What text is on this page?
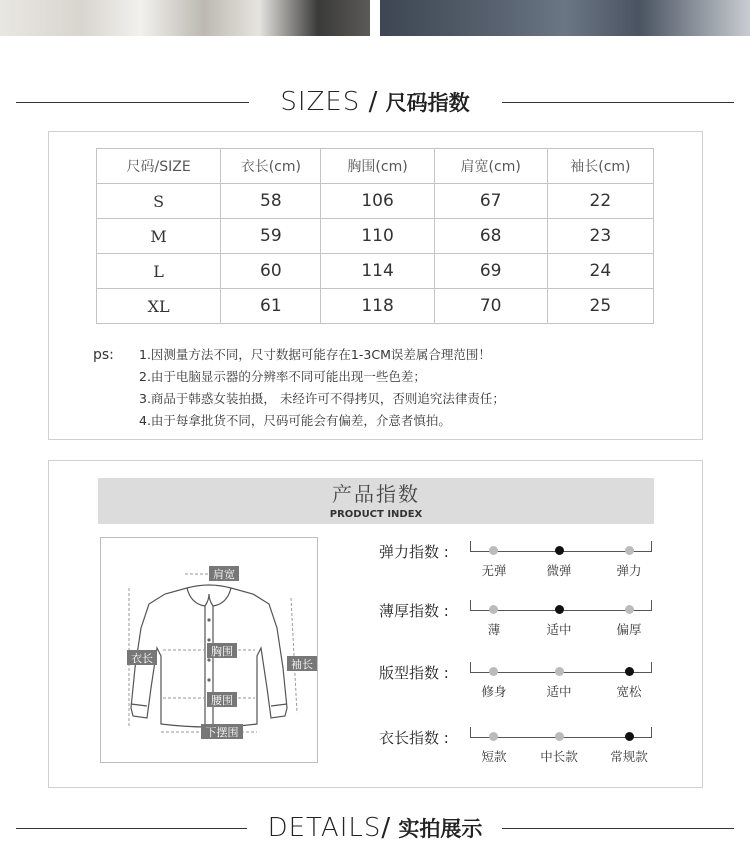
SIZES / 尺码指数
尺码/SIZE	衣长(cm)	胸围(cm)	肩宽(cm)	袖长(cm)
S	58	106	67	22
M	59	110	68	23
L	60	114	69	24
XL	61	118	70	25
ps: 1.因测量方法不同，尺寸数据可能存在1-3CM误差属合理范围！
2.由于电脑显示器的分辨率不同可能出现一些色差；
3.商品于韩惑女装拍摄， 未经许可不得拷贝，否则追究法律责任；
4.由于每拿批货不同，尺码可能会有偏差，介意者慎拍。
产品指数
PRODUCT INDEX
肩宽
衣长
胸围
袖长
腰围
下摆围
弹力指数 :
无弹	微弹	弹力
薄厚指数 :
薄	适中	偏厚
版型指数 :
修身	适中	宽松
衣长指数 :
短款	中长款	常规款
DETAILS/ 实拍展示
